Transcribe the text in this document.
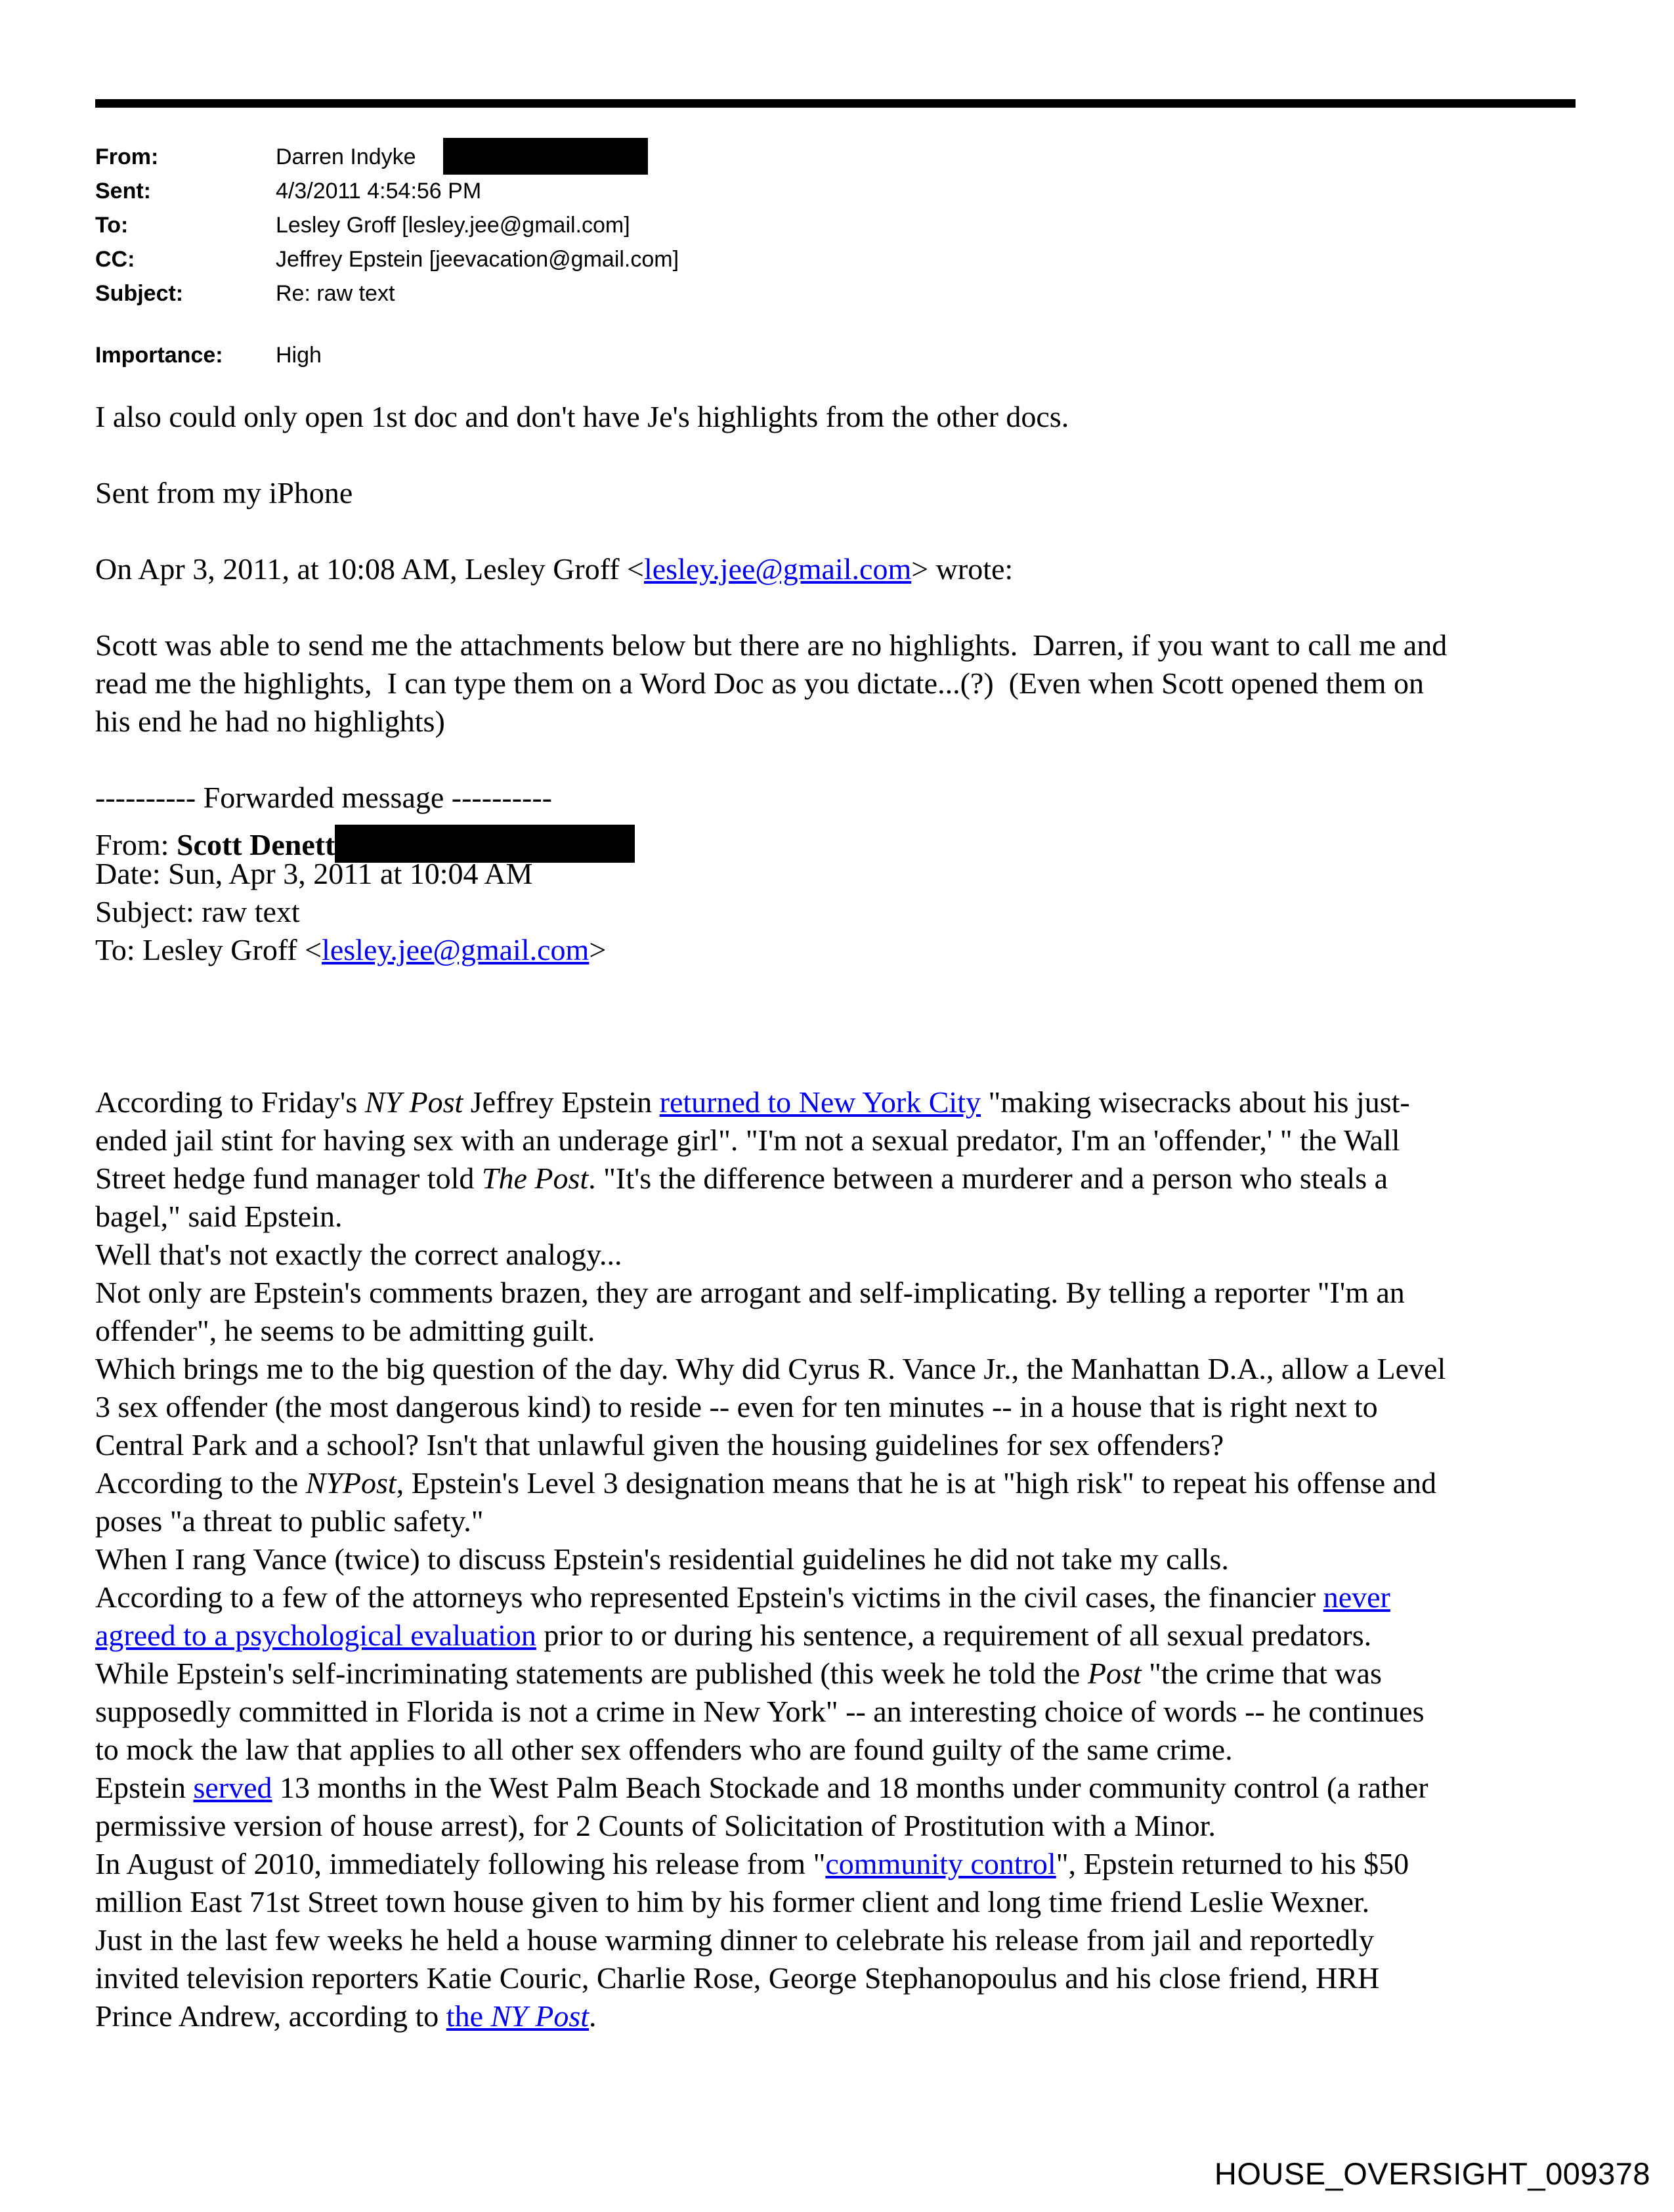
From:	Darren Indyke
Sent:	4/3/2011 4:54:56 PM
To:	Lesley Groff [lesley.jee@gmail.com]
CC:	Jeffrey Epstein [jeevacation@gmail.com]
Subject:	Re: raw text
Importance:	High
I also could only open 1st doc and don't have Je's highlights from the other docs.
Sent from my iPhone
On Apr 3, 2011, at 10:08 AM, Lesley Groff <lesley.jee@gmail.com> wrote:
Scott was able to send me the attachments below but there are no highlights.  Darren, if you want to call me and
read me the highlights,  I can type them on a Word Doc as you dictate...(?)  (Even when Scott opened them on
his end he had no highlights)
---------- Forwarded message ----------
From: Scott Denett
Date: Sun, Apr 3, 2011 at 10:04 AM
Subject: raw text
To: Lesley Groff <lesley.jee@gmail.com>
According to Friday's NY Post Jeffrey Epstein returned to New York City "making wisecracks about his just-
ended jail stint for having sex with an underage girl". "I'm not a sexual predator, I'm an 'offender,' " the Wall
Street hedge fund manager told The Post. "It's the difference between a murderer and a person who steals a
bagel," said Epstein.
Well that's not exactly the correct analogy...
Not only are Epstein's comments brazen, they are arrogant and self-implicating. By telling a reporter "I'm an
offender", he seems to be admitting guilt.
Which brings me to the big question of the day. Why did Cyrus R. Vance Jr., the Manhattan D.A., allow a Level
3 sex offender (the most dangerous kind) to reside -- even for ten minutes -- in a house that is right next to
Central Park and a school? Isn't that unlawful given the housing guidelines for sex offenders?
According to the NYPost, Epstein's Level 3 designation means that he is at "high risk" to repeat his offense and
poses "a threat to public safety."
When I rang Vance (twice) to discuss Epstein's residential guidelines he did not take my calls.
According to a few of the attorneys who represented Epstein's victims in the civil cases, the financier never
agreed to a psychological evaluation prior to or during his sentence, a requirement of all sexual predators.
While Epstein's self-incriminating statements are published (this week he told the Post "the crime that was
supposedly committed in Florida is not a crime in New York" -- an interesting choice of words -- he continues
to mock the law that applies to all other sex offenders who are found guilty of the same crime.
Epstein served 13 months in the West Palm Beach Stockade and 18 months under community control (a rather
permissive version of house arrest), for 2 Counts of Solicitation of Prostitution with a Minor.
In August of 2010, immediately following his release from "community control", Epstein returned to his $50
million East 71st Street town house given to him by his former client and long time friend Leslie Wexner.
Just in the last few weeks he held a house warming dinner to celebrate his release from jail and reportedly
invited television reporters Katie Couric, Charlie Rose, George Stephanopoulus and his close friend, HRH
Prince Andrew, according to the NY Post.
HOUSE_OVERSIGHT_009378
